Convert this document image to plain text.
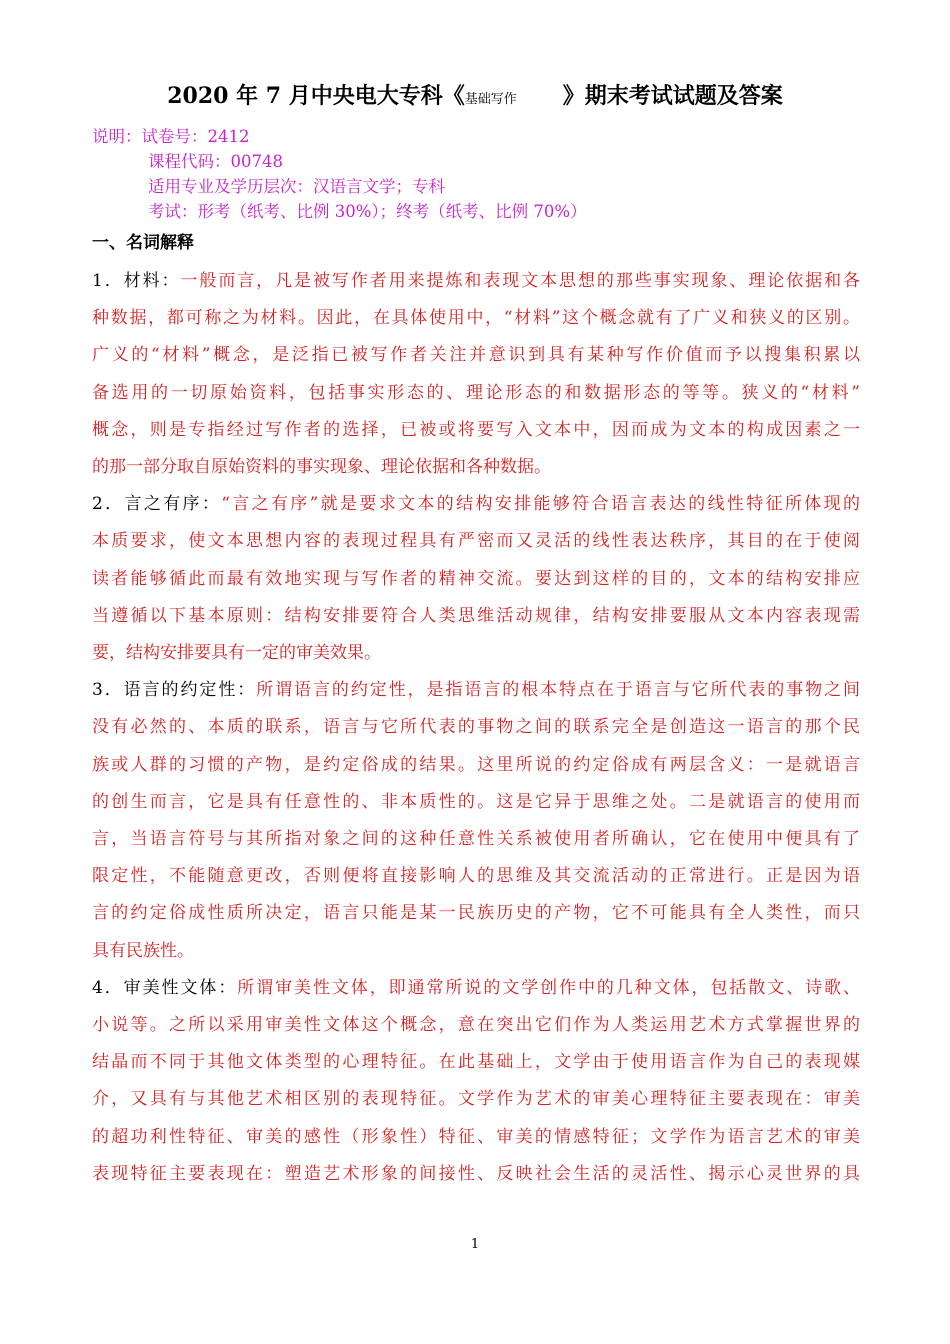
2020 年 7 月中央电大专科《基础写作 》期末考试试题及答案
说明：试卷号：2412
课程代码：00748
适用专业及学历层次：汉语言文学；专科
考试：形考（纸考、比例 30%）；终考（纸考、比例 70%）
一、名词解释

1．材料：一般而言，凡是被写作者用来提炼和表现文本思想的那些事实现象、理论依据和各
种数据，都可称之为材料。因此，在具体使用中，“材料”这个概念就有了广义和狭义的区别。
广义的“材料”概念，是泛指已被写作者关注并意识到具有某种写作价值而予以搜集积累以
备选用的一切原始资料，包括事实形态的、理论形态的和数据形态的等等。狭义的“材料”
概念，则是专指经过写作者的选择，已被或将要写入文本中，因而成为文本的构成因素之一
的那一部分取自原始资料的事实现象、理论依据和各种数据。

2．言之有序：“言之有序”就是要求文本的结构安排能够符合语言表达的线性特征所体现的
本质要求，使文本思想内容的表现过程具有严密而又灵活的线性表达秩序，其目的在于使阅
读者能够循此而最有效地实现与写作者的精神交流。要达到这样的目的，文本的结构安排应
当遵循以下基本原则：结构安排要符合人类思维活动规律，结构安排要服从文本内容表现需
要，结构安排要具有一定的审美效果。

3．语言的约定性：所谓语言的约定性，是指语言的根本特点在于语言与它所代表的事物之间
没有必然的、本质的联系，语言与它所代表的事物之间的联系完全是创造这一语言的那个民
族或人群的习惯的产物，是约定俗成的结果。这里所说的约定俗成有两层含义：一是就语言
的创生而言，它是具有任意性的、非本质性的。这是它异于思维之处。二是就语言的使用而
言，当语言符号与其所指对象之间的这种任意性关系被使用者所确认，它在使用中便具有了
限定性，不能随意更改，否则便将直接影响人的思维及其交流活动的正常进行。正是因为语
言的约定俗成性质所决定，语言只能是某一民族历史的产物，它不可能具有全人类性，而只
具有民族性。

4．审美性文体：所谓审美性文体，即通常所说的文学创作中的几种文体，包括散文、诗歌、
小说等。之所以采用审美性文体这个概念，意在突出它们作为人类运用艺术方式掌握世界的
结晶而不同于其他文体类型的心理特征。在此基础上，文学由于使用语言作为自己的表现媒
介，又具有与其他艺术相区别的表现特征。文学作为艺术的审美心理特征主要表现在：审美
的超功利性特征、审美的感性（形象性）特征、审美的情感特征；文学作为语言艺术的审美
表现特征主要表现在：塑造艺术形象的间接性、反映社会生活的灵活性、揭示心灵世界的具

1
